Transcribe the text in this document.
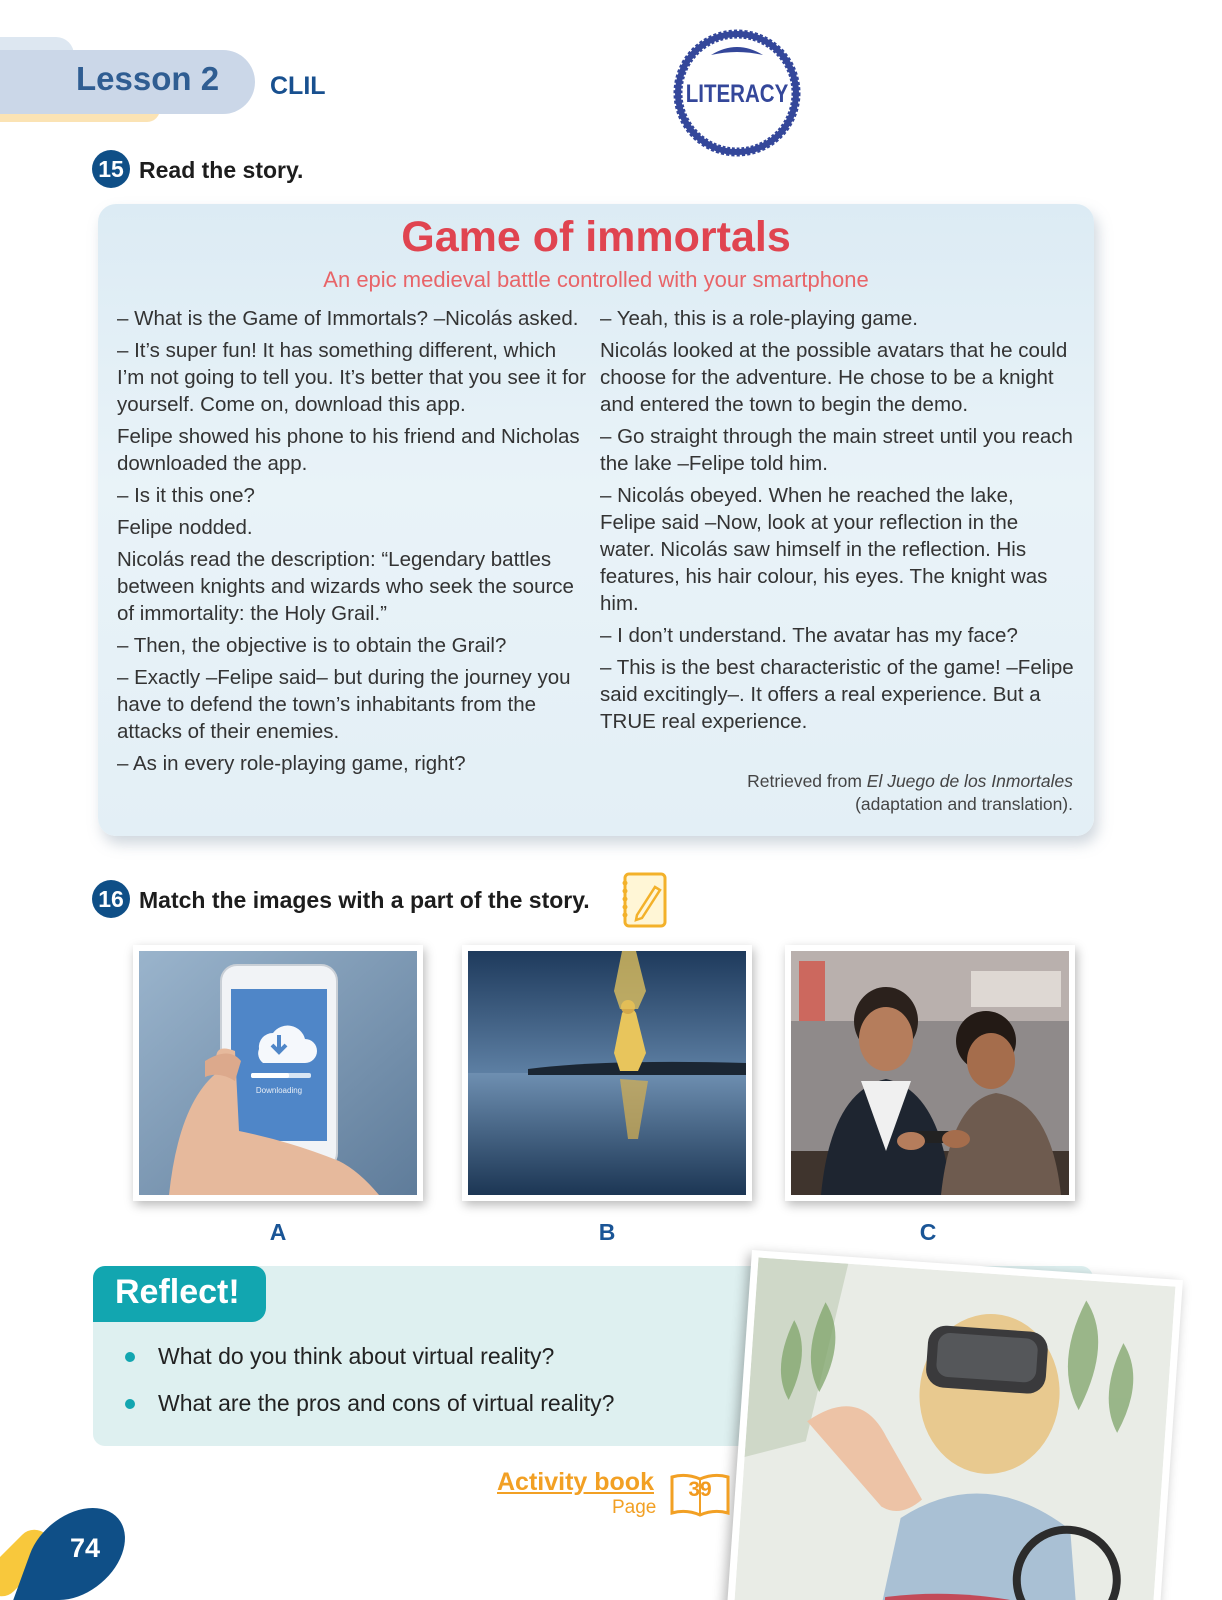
Lesson 2 CLIL	LITERACY
15 Read the story.
Game of immortals
An epic medieval battle controlled with your smartphone

– What is the Game of Immortals? –Nicolás asked.

– It’s super fun! It has something different, which I’m not going to tell you. It’s better that you see it for yourself. Come on, download this app.

Felipe showed his phone to his friend and Nicholas downloaded the app.

– Is it this one?

Felipe nodded.

Nicolás read the description: “Legendary battles between knights and wizards who seek the source of immortality: the Holy Grail.”

– Then, the objective is to obtain the Grail?

– Exactly –Felipe said– but during the journey you have to defend the town’s inhabitants from the attacks of their enemies.

– As in every role-playing game, right?

– Yeah, this is a role-playing game.

Nicolás looked at the possible avatars that he could choose for the adventure. He chose to be a knight and entered the town to begin the demo.

– Go straight through the main street until you reach the lake –Felipe told him.

– Nicolás obeyed. When he reached the lake, Felipe said –Now, look at your reflection in the water. Nicolás saw himself in the reflection. His features, his hair colour, his eyes. The knight was him.

– I don’t understand. The avatar has my face?

– This is the best characteristic of the game! –Felipe said excitingly–. It offers a real experience. But a TRUE real experience.

Retrieved from El Juego de los Inmortales
(adaptation and translation).
16 Match the images with a part of the story.
Downloading
A	B	C
Reflect!
What do you think about virtual reality?
What are the pros and cons of virtual reality?
Activity book
Page
39
74
